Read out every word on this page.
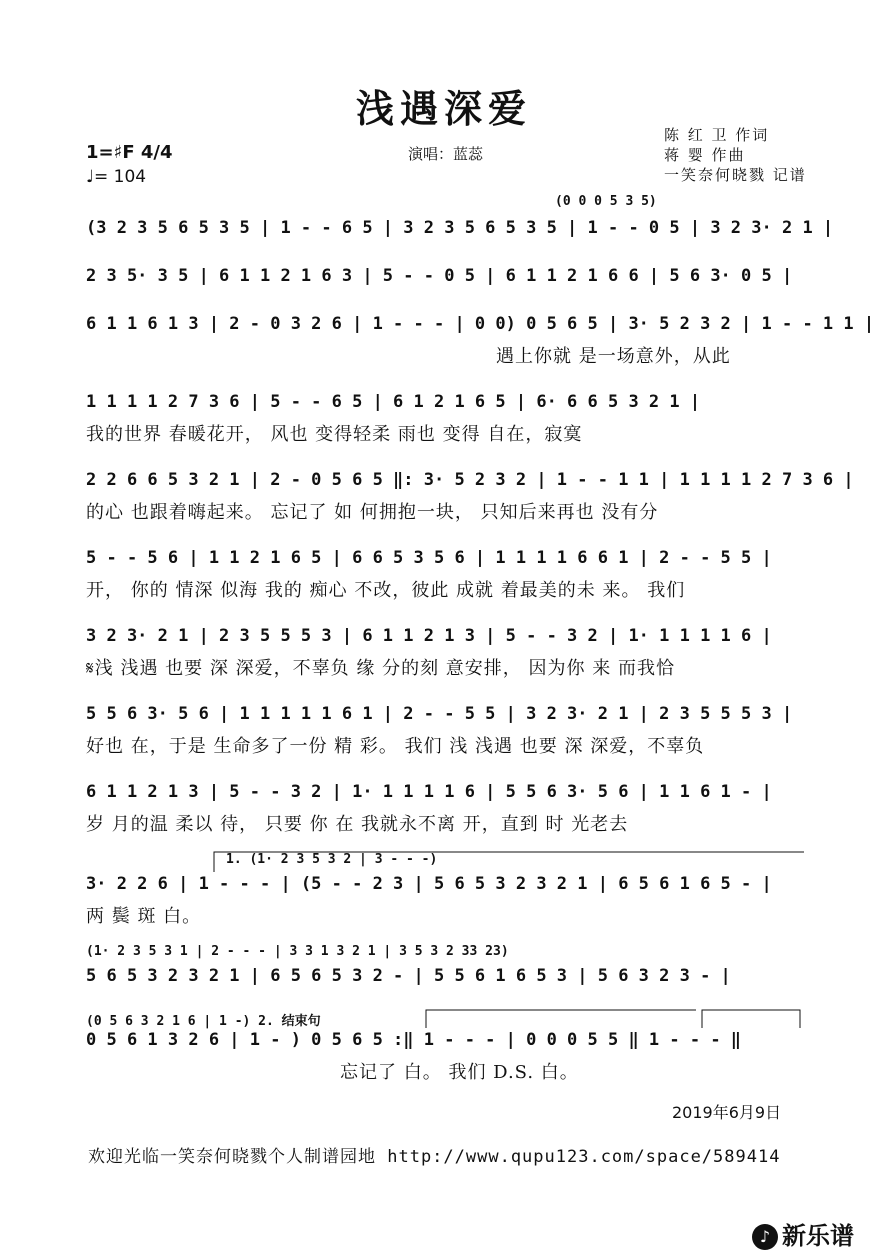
浅遇深爱
陈 红 卫 作词
蒋 婴 作曲
一笑奈何晓戮 记谱
1=♯F 4/4
♩= 104
演唱：蓝蕊
(0 0 0 5 3 5)
(3 2 3 5 6 5 3 5 | 1 - - 6 5 | 3 2 3 5 6 5 3 5 | 1 - - 0 5 | 3 2 3· 2 1 |
2 3 5· 3 5 | 6 1 1 2 1 6 3 | 5 - - 0 5 | 6 1 1 2 1 6 6 | 5 6 3· 0 5 |
6 1 1 6 1 3 | 2 - 0 3 2 6 | 1 - - - | 0 0) 0 5 6 5 | 3· 5 2 3 2 | 1 - - 1 1 |
遇上你就 是一场意外，从此
1 1 1 1 2 7 3 6 | 5 - - 6 5 | 6 1 2 1 6 5 | 6· 6 6 5 3 2 1 |
我的世界 春暖花开， 风也 变得轻柔 雨也 变得 自在，寂寞
2 2 6 6 5 3 2 1 | 2 - 0 5 6 5 ‖: 3· 5 2 3 2 | 1 - - 1 1 | 1 1 1 1 2 7 3 6 |
的心 也跟着嗨起来。 忘记了 如 何拥抱一块， 只知后来再也 没有分
5 - - 5 6 | 1 1 2 1 6 5 | 6 6 5 3 5 6 | 1 1 1 1 6 6 1 | 2 - - 5 5 |
开， 你的 情深 似海 我的 痴心 不改，彼此 成就 着最美的未 来。 我们
3 2 3· 2 1 | 2 3 5 5 5 3 | 6 1 1 2 1 3 | 5 - - 3 2 | 1· 1 1 1 1 6 |
𝄋浅 浅遇 也要 深 深爱，不辜负 缘 分的刻 意安排， 因为你 来 而我恰
5 5 6 3· 5 6 | 1 1 1 1 1 6 1 | 2 - - 5 5 | 3 2 3· 2 1 | 2 3 5 5 5 3 |
好也 在，于是 生命多了一份 精 彩。 我们 浅 浅遇 也要 深 深爱，不辜负
6 1 1 2 1 3 | 5 - - 3 2 | 1· 1 1 1 1 6 | 5 5 6 3· 5 6 | 1 1 6 1 - |
岁 月的温 柔以 待， 只要 你 在 我就永不离 开，直到 时 光老去
1. (1· 2 3 5 3 2 | 3 - - -)
3· 2 2 6 | 1 - - - | (5 - - 2 3 | 5 6 5 3 2 3 2 1 | 6 5 6 1 6 5 - |
两 鬓 斑 白。
(1· 2 3 5 3 1 | 2 - - - | 3 3 1 3 2 1 | 3 5 3 2 33 23)
5 6 5 3 2 3 2 1 | 6 5 6 5 3 2 - | 5 5 6 1 6 5 3 | 5 6 3 2 3 - |
(0 5 6 3 2 1 6 | 1 -) 2. 结束句
0 5 6 1 3 2 6 | 1 - ) 0 5 6 5 :‖ 1 - - - | 0 0 0 5 5 ‖ 1 - - - ‖
忘记了 白。 我们 D.S. 白。
2019年6月9日
欢迎光临一笑奈何晓戮个人制谱园地 http://www.qupu123.com/space/589414
♪ 新乐谱
